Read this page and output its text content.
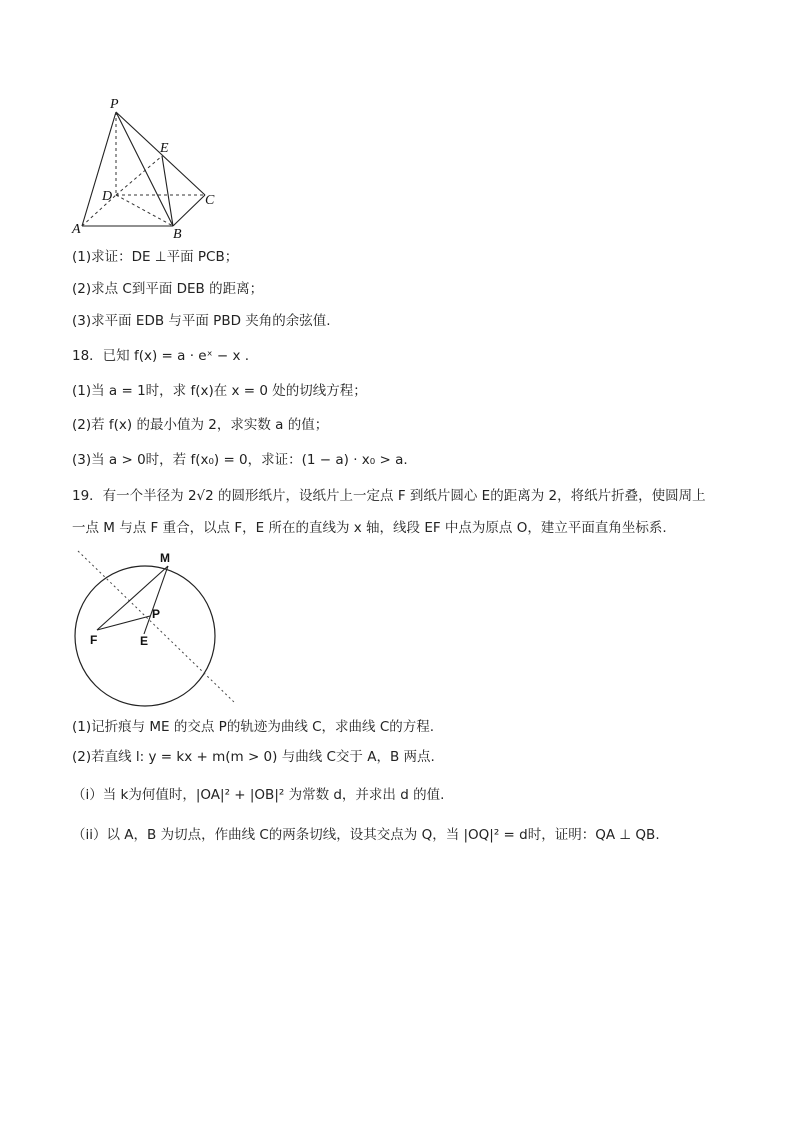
P
E
D	C
A	B
(1)求证：DE ⊥平面 PCB；
(2)求点 C到平面 DEB 的距离；
(3)求平面 EDB 与平面 PBD 夹角的余弦值.
18．已知 f(x) = a · eˣ − x .
(1)当 a = 1时，求 f(x)在 x = 0 处的切线方程；
(2)若 f(x) 的最小值为 2，求实数 a 的值；
(3)当 a > 0时，若 f(x₀) = 0，求证：(1 − a) · x₀ > a.
19．有一个半径为 2√2 的圆形纸片，设纸片上一定点 F 到纸片圆心 E的距离为 2，将纸片折叠，使圆周上
一点 M 与点 F 重合，以点 F，E 所在的直线为 x 轴，线段 EF 中点为原点 O，建立平面直角坐标系.
M
P
F	E
(1)记折痕与 ME 的交点 P的轨迹为曲线 C，求曲线 C的方程.
(2)若直线 l: y = kx + m(m > 0) 与曲线 C交于 A，B 两点.
（i）当 k为何值时，|OA|² + |OB|² 为常数 d，并求出 d 的值.
（ii）以 A，B 为切点，作曲线 C的两条切线，设其交点为 Q，当 |OQ|² = d时，证明：QA ⊥ QB.
